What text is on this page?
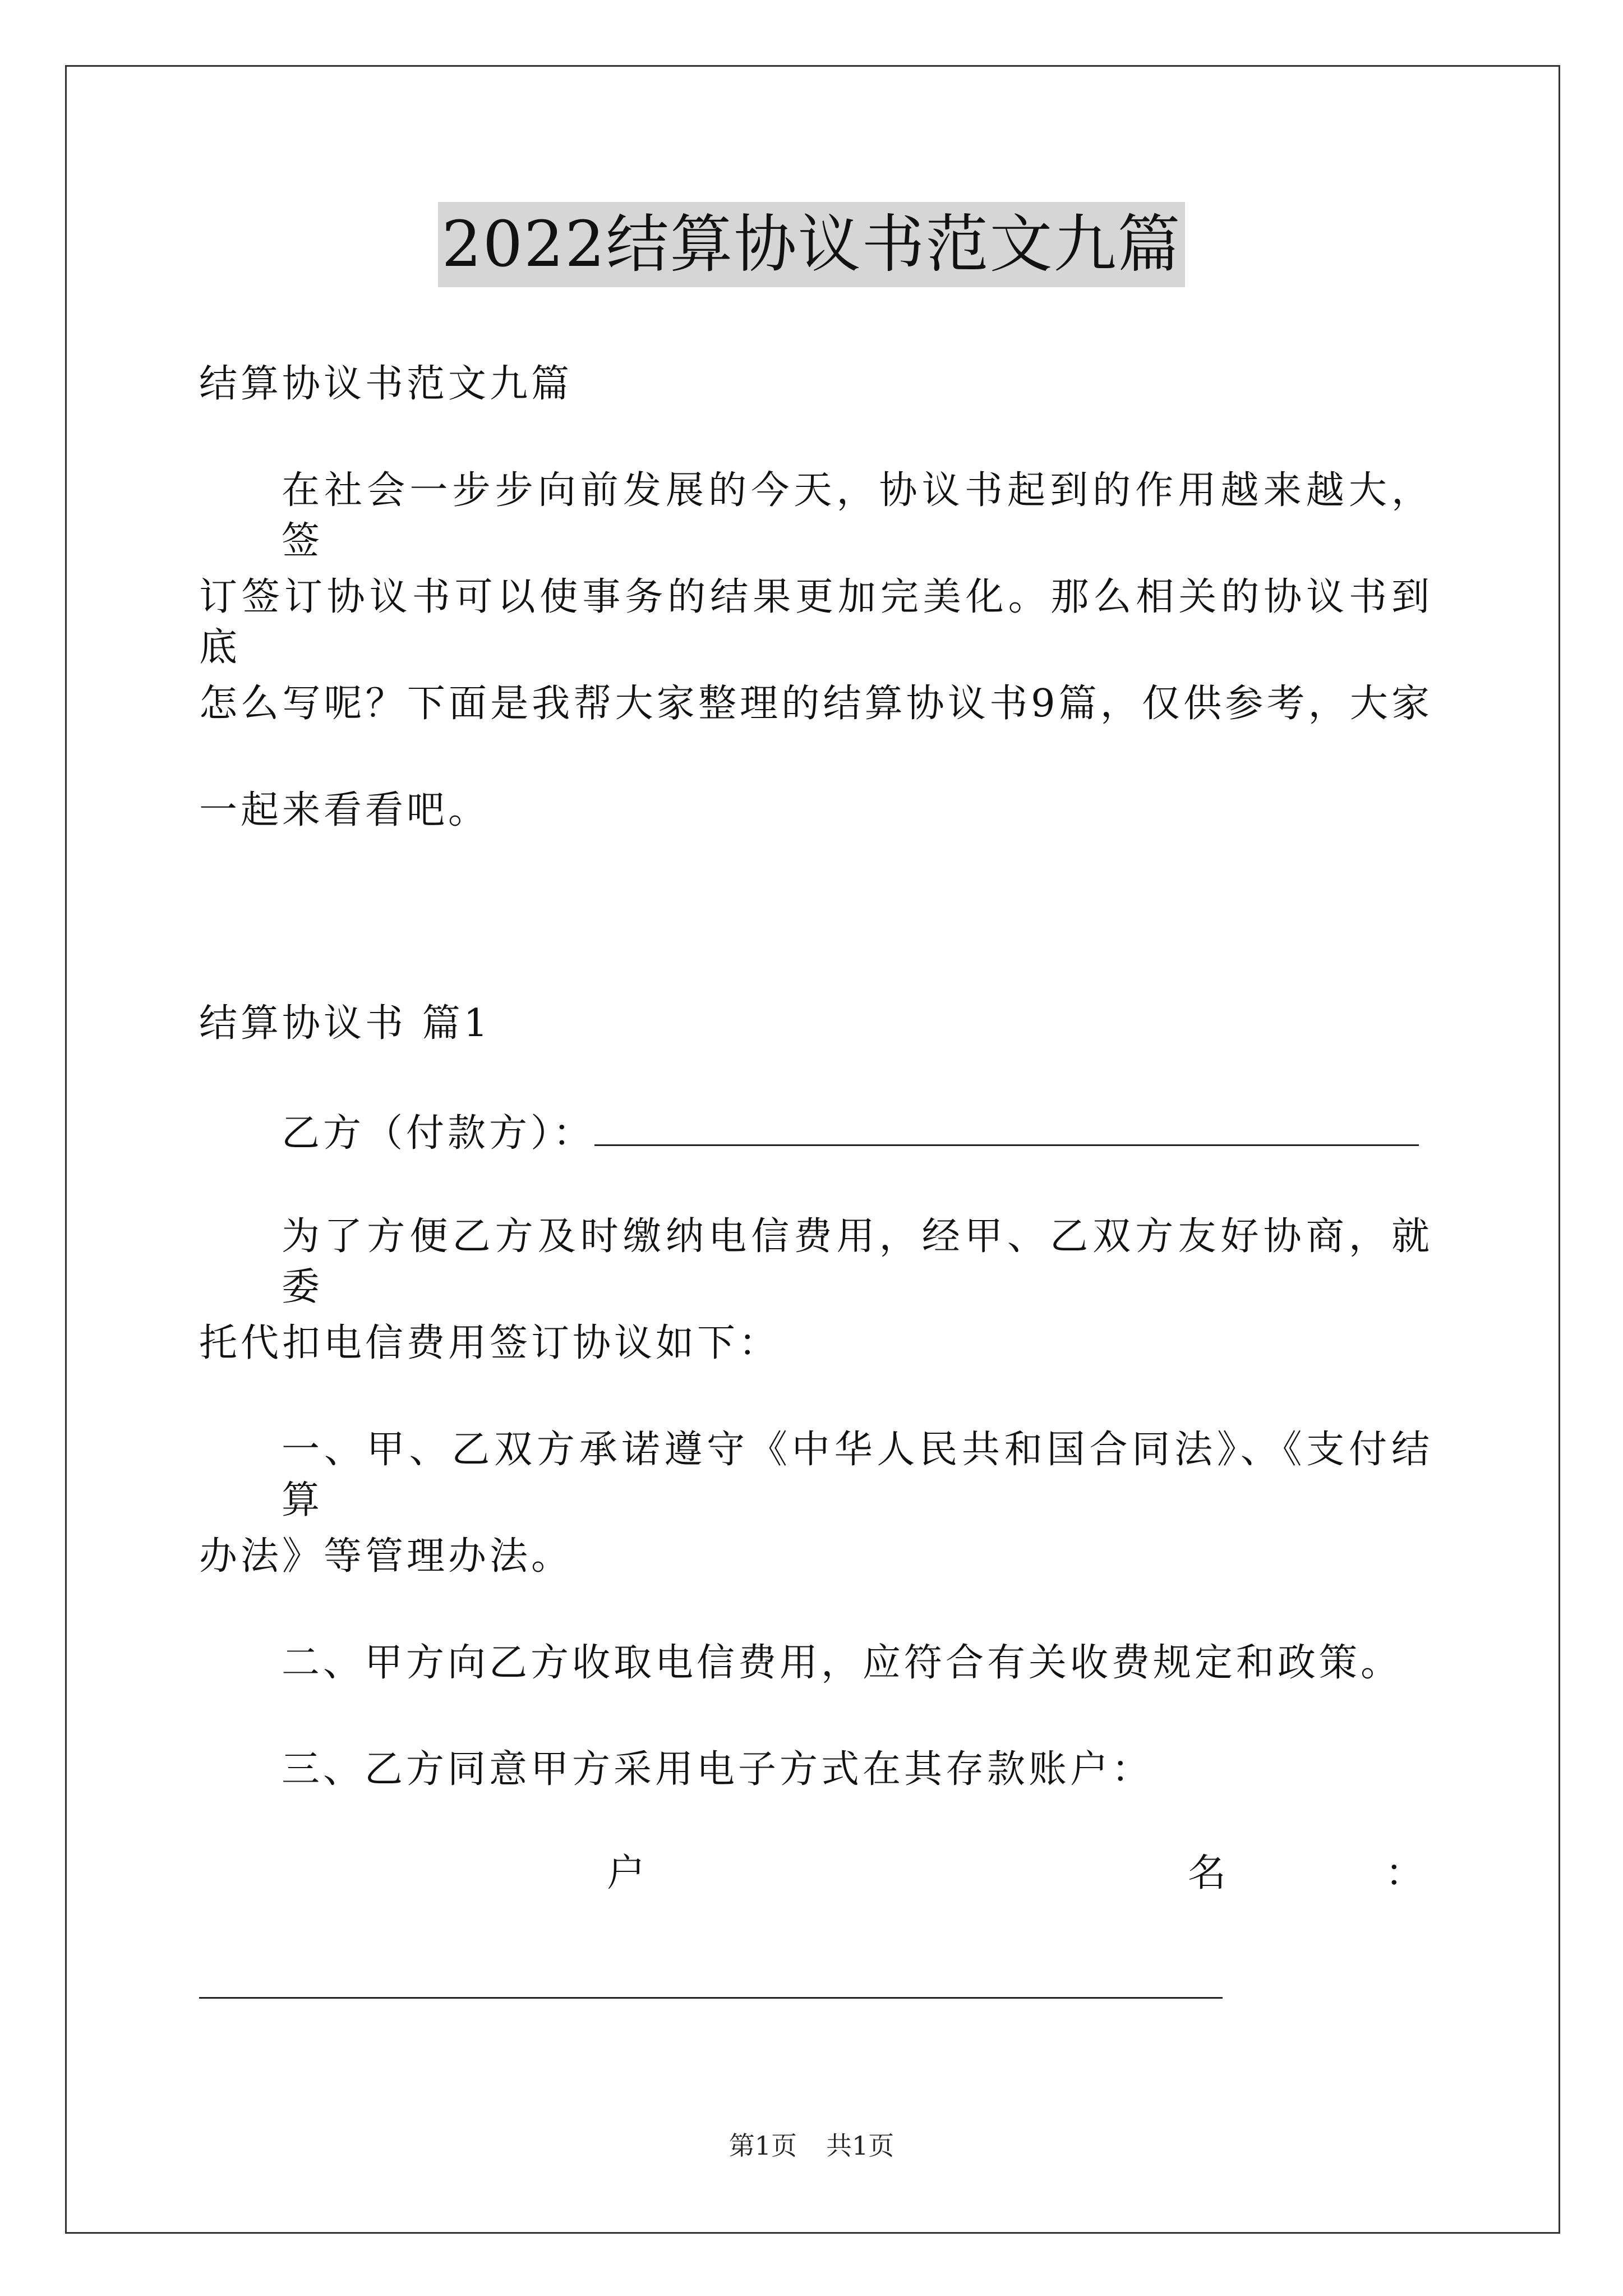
2022结算协议书范文九篇
结算协议书范文九篇
在社会一步步向前发展的今天，协议书起到的作用越来越大，签
订签订协议书可以使事务的结果更加完美化。那么相关的协议书到底
怎么写呢？下面是我帮大家整理的结算协议书9篇，仅供参考，大家
一起来看看吧。
结算协议书 篇1
乙方（付款方）：
为了方便乙方及时缴纳电信费用，经甲、乙双方友好协商，就委
托代扣电信费用签订协议如下：
一、甲、乙双方承诺遵守《中华人民共和国合同法》、《支付结算
办法》等管理办法。
二、甲方向乙方收取电信费用，应符合有关收费规定和政策。
三、乙方同意甲方采用电子方式在其存款账户：
户	名	：
第1页 共1页
